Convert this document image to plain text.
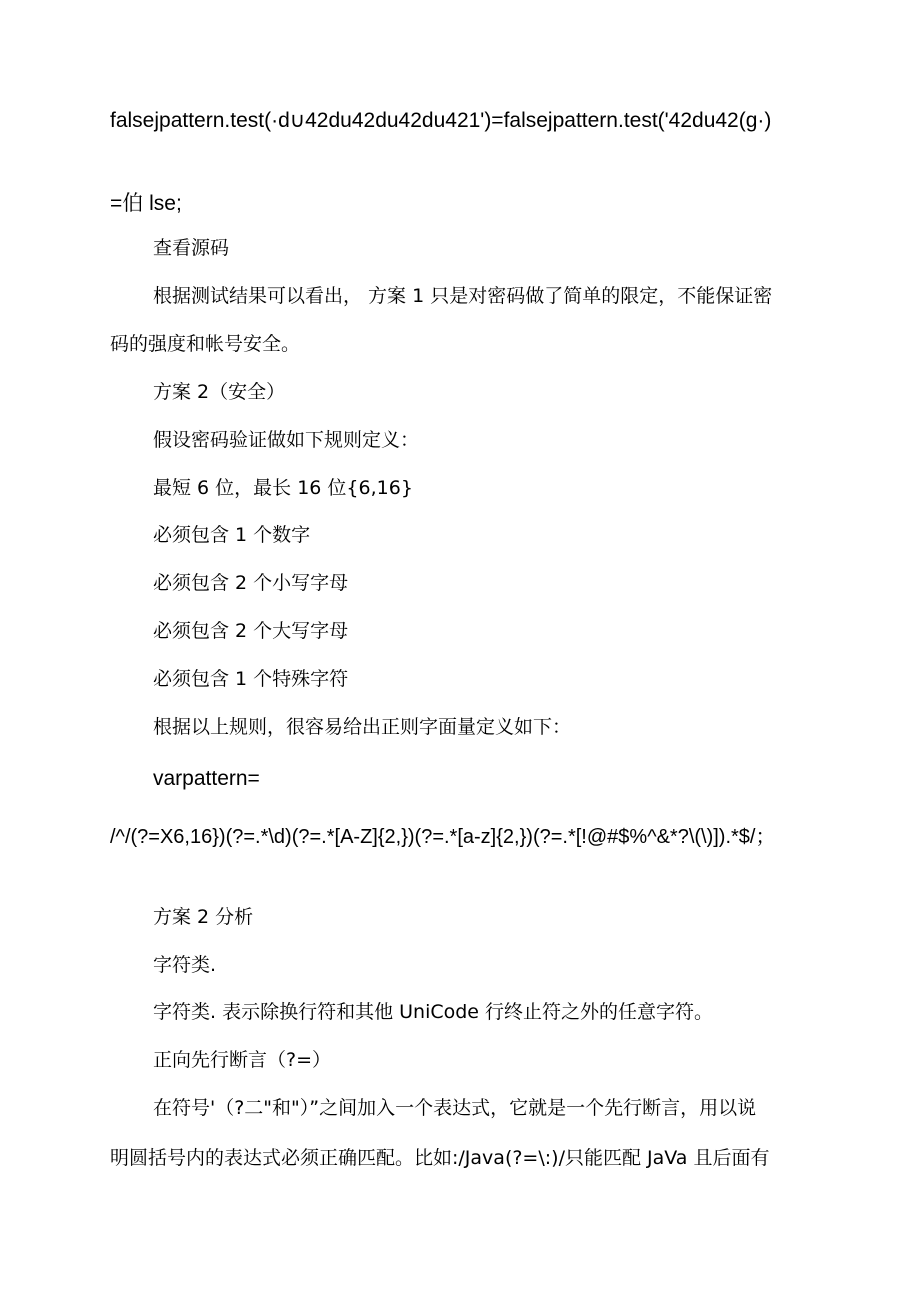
falsejpattern.test(·d∪42du42du42du421')=falsejpattern.test('42du42(g·)
=伯 lse;
查看源码
根据测试结果可以看出， 方案 1 只是对密码做了简单的限定，不能保证密
码的强度和帐号安全。
方案 2（安全）
假设密码验证做如下规则定义：
最短 6 位，最长 16 位{6,16}
必须包含 1 个数字
必须包含 2 个小写字母
必须包含 2 个大写字母
必须包含 1 个特殊字符
根据以上规则，很容易给出正则字面量定义如下：
varpattern=
/^/(?=X6,16})(?=.*\d)(?=.*[A-Z]{2,})(?=.*[a-z]{2,})(?=.*[!@#$%^&*?\(\)]).*$/；
方案 2 分析
字符类.
字符类. 表示除换行符和其他 UniCode 行终止符之外的任意字符。
正向先行断言（?=）
在符号'（?二"和"）”之间加入一个表达式，它就是一个先行断言，用以说
明圆括号内的表达式必须正确匹配。比如:/Java(?=\:)/只能匹配 JaVa 且后面有
